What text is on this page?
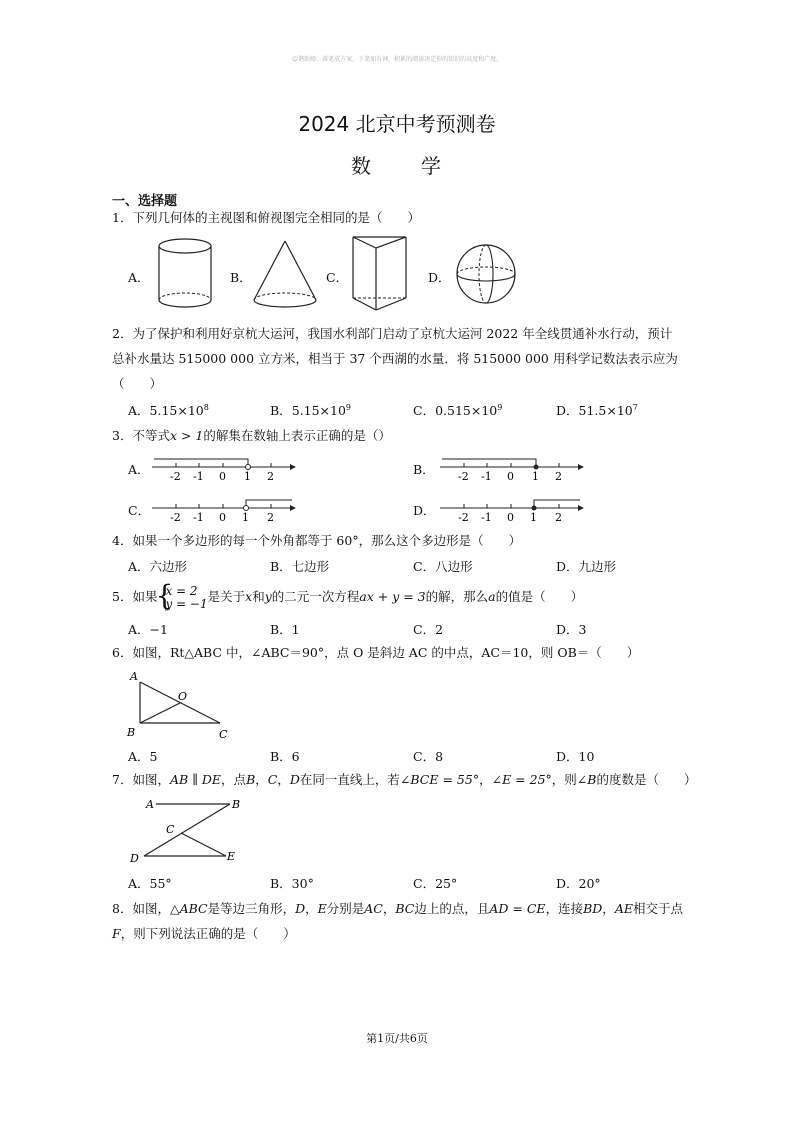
☺谐助师：落笔成方案，下笔如有神，积累的阅读决定你的知识的高度和广度。
2024 北京中考预测卷
数 学
一、选择题
1．下列几何体的主视图和俯视图完全相同的是（　　）
A．	B．	C．	D．
2．为了保护和利用好京杭大运河，我国水利部门启动了京杭大运河 2022 年全线贯通补水行动，预计
总补水量达 515000 000 立方米，相当于 37 个西湖的水量．将 515000 000 用科学记数法表示应为
（　　）
A．$5.15\times 10^8$	B．$5.15\times 10^9$	C．$0.515\times 10^9$	D．$51.5\times 10^7$
3．不等式x > 1的解集在数轴上表示正确的是（）
A． -2 -1 0 1 2	B． -2 -1 0 1 2
C． -2 -1 0 1 2	D． -2 -1 0 1 2
4．如果一个多边形的每一个外角都等于 60°，那么这个多边形是（　　）
A．六边形	B．七边形	C．八边形	D．九边形
5．如果
{ x = 2
y = −1 是关于x和y的二元一次方程ax + y = 3的解，那么a的值是（　　）
A．−1	B．1	C．2	D．3
6．如图，Rt△ABC 中，∠ABC＝90°，点 O 是斜边 AC 的中点，AC＝10，则 OB＝（　　）
A
O
B	C
A．5	B．6	C．8	D．10
7．如图，AB ∥ DE，点B，C，D在同一直线上，若∠BCE = 55°，∠E = 25°，则∠B的度数是（　　）
A	B
C
D	E
A．55°	B．30°	C．25°	D．20°
8．如图，△ABC是等边三角形，D，E分别是AC，BC边上的点，且AD = CE，连接BD，AE相交于点F，则下列说法正确的是（　　）
第1页/共6页
